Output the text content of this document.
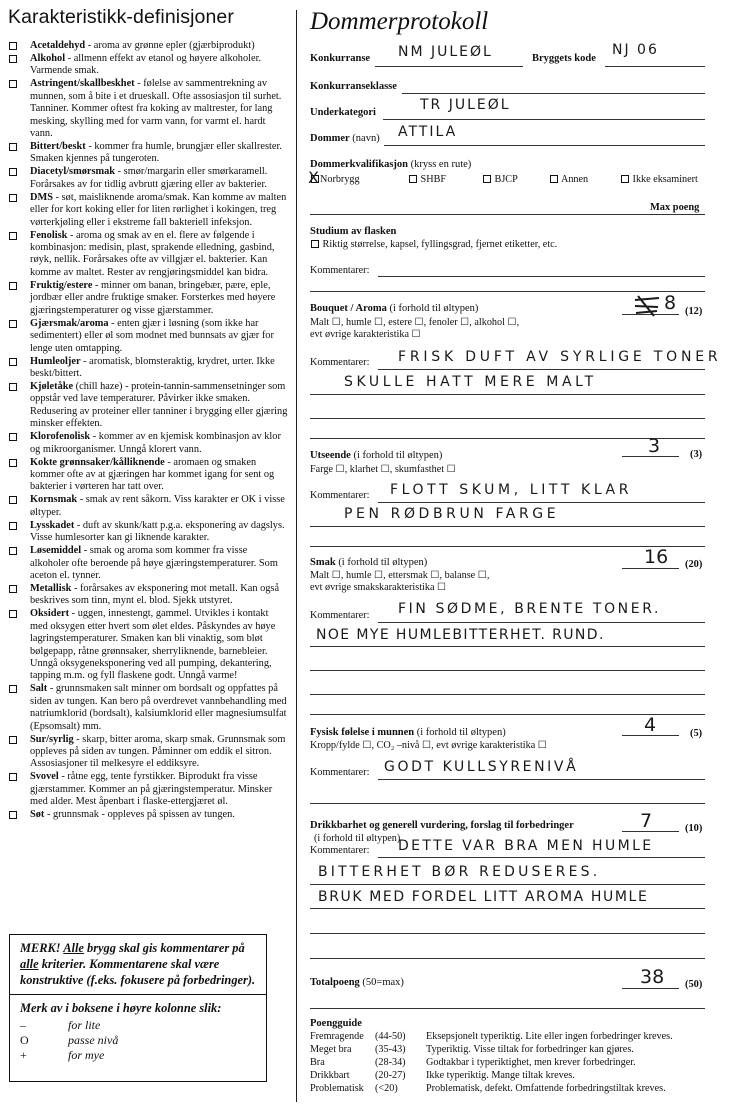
Karakteristikk-definisjoner
Acetaldehyd - aroma av grønne epler (gjærbiprodukt)
Alkohol - allmenn effekt av etanol og høyere alkoholer. Varmende smak.
Astringent/skallbeskhet - følelse av sammentrekning av munnen, som å bite i et drueskall. Ofte assosiasjon til surhet. Tanniner. Kommer oftest fra koking av maltrester, for lang mesking, skylling med for varm vann, for varmt el. hardt vann.
Bittert/beskt - kommer fra humle, brungjær eller skallrester. Smaken kjennes på tungeroten.
Diacetyl/smørsmak - smør/margarin eller smørkaramell. Forårsakes av for tidlig avbrutt gjæring eller av bakterier.
DMS - søt, maisliknende aroma/smak. Kan komme av malten eller for kort koking eller for liten rørlighet i kokingen, treg vørterkjøling eller i ekstreme fall bakteriell infeksjon.
Fenolisk - aroma og smak av en el. flere av følgende i kombinasjon: medisin, plast, sprakende elledning, gasbind, røyk, nellik. Forårsakes ofte av villgjær el. bakterier. Kan komme av maltet. Rester av rengjøringsmiddel kan bidra.
Fruktig/estere - minner om banan, bringebær, pære, eple, jordbær eller andre fruktige smaker. Forsterkes med høyere gjæringstemperaturer og visse gjærstammer.
Gjærsmak/aroma - enten gjær i løsning (som ikke har sedimentert) eller øl som modnet med bunnsats av gjær for lenge uten omtapping.
Humleoljer - aromatisk, blomsteraktig, krydret, urter. Ikke beskt/bittert.
Kjøletåke (chill haze) - protein-tannin-sammensetninger som oppstår ved lave temperaturer. Påvirker ikke smaken. Redusering av proteiner eller tanniner i brygging eller gjæring minsker effekten.
Klorofenolisk - kommer av en kjemisk kombinasjon av klor og mikroorganismer. Unngå klorert vann.
Kokte grønnsaker/kålliknende - aromaen og smaken kommer ofte av at gjæringen har kommet igang for sent og bakterier i vørteren har tatt over.
Kornsmak - smak av rent såkorn. Viss karakter er OK i visse øltyper.
Lysskadet - duft av skunk/katt p.g.a. eksponering av dagslys. Visse humlesorter kan gi liknende karakter.
Løsemiddel - smak og aroma som kommer fra visse alkoholer ofte beroende på høye gjæringstemperaturer. Som aceton el. tynner.
Metallisk - forårsakes av eksponering mot metall. Kan også beskrives som tinn, mynt el. blod. Sjekk utstyret.
Oksidert - uggen, innestengt, gammel. Utvikles i kontakt med oksygen etter hvert som ølet eldes. Påskyndes av høye lagringstemperaturer. Smaken kan bli vinaktig, som bløt bølgepapp, råtne grønnsaker, sherryliknende, barnebleier. Unngå oksygeneksponering ved all pumping, dekantering, tapping m.m. og fyll flaskene godt. Unngå varme!
Salt - grunnsmaken salt minner om bordsalt og oppfattes på siden av tungen. Kan bero på overdrevet vannbehandling med natriumklorid (bordsalt), kalsiumklorid eller magnesiumsulfat (Epsomsalt) mm.
Sur/syrlig - skarp, bitter aroma, skarp smak. Grunnsmak som oppleves på siden av tungen. Påminner om eddik el sitron. Assosiasjoner til melkesyre el eddiksyre.
Svovel - råtne egg, tente fyrstikker. Biprodukt fra visse gjærstammer. Kommer an på gjæringstemperatur. Minsker med alder. Mest åpenbart i flaske-ettergjæret øl.
Søt - grunnsmak - oppleves på spissen av tungen.
MERK! Alle brygg skal gis kommentarer på alle kriterier. Kommentarene skal være konstruktive (f.eks. fokusere på forbedringer).
Merk av i boksene i høyre kolonne slik:
–	for lite
O	passe nivå
+	for mye
Dommerprotokoll
Konkurranse NM JULEØL	Bryggets kode
NJ 06
Konkurranseklasse
Underkategori	TR JULEØL
Dommer (navn) ATTILA
Dommerkvalifikasjon (kryss en rute)
Norbrygg
X	SHBF	BJCP	Annen	Ikke eksaminert
Max poeng
Studium av flasken
Riktig størrelse, kapsel, fyllingsgrad, fjernet etiketter, etc.
Kommentarer:
Bouquet / Aroma (i forhold til øltypen)
Malt ☐, humle ☐, estere ☐, fenoler ☐, alkohol ☐,
evt øvrige karakteristika ☐
8 (12)
Kommentarer: FRISK DUFT AV SYRLIGE TONER
SKULLE HATT MERE MALT
Utseende (i forhold til øltypen)
Farge ☐, klarhet ☐, skumfasthet ☐
3	(3)
Kommentarer: FLOTT SKUM, LITT KLAR
PEN RØDBRUN FARGE
Smak (i forhold til øltypen)
Malt ☐, humle ☐, ettersmak ☐, balanse ☐,
evt øvrige smakskarakteristika ☐
16 (20)
Kommentarer: FIN SØDME, BRENTE TONER.
NOE MYE HUMLEBITTERHET. RUND.
Fysisk følelse i munnen (i forhold til øltypen)
Kropp/fylde ☐, CO₂ –nivå ☐, evt øvrige karakteristika ☐
4	(5)
Kommentarer: GODT KULLSYRENIVÅ
Drikkbarhet og generell vurdering, forslag til forbedringer
(i forhold til øltypen)
Kommentarer:
7	(10)
DETTE VAR BRA MEN HUMLE
BITTERHET BØR REDUSERES.
BRUK MED FORDEL LITT AROMA HUMLE
Totalpoeng (50=max)	38 (50)
Poengguide
Fremragende	(44-50)	Eksepsjonelt typeriktig. Lite eller ingen forbedringer kreves.
Meget bra	(35-43)	Typeriktig. Visse tiltak for forbedringer kan gjøres.
Bra	(28-34)	Godtakbar i typeriktighet, men krever forbedringer.
Drikkbart	(20-27)	Ikke typeriktig. Mange tiltak kreves.
Problematisk	(<20)	Problematisk, defekt. Omfattende forbedringstiltak kreves.
